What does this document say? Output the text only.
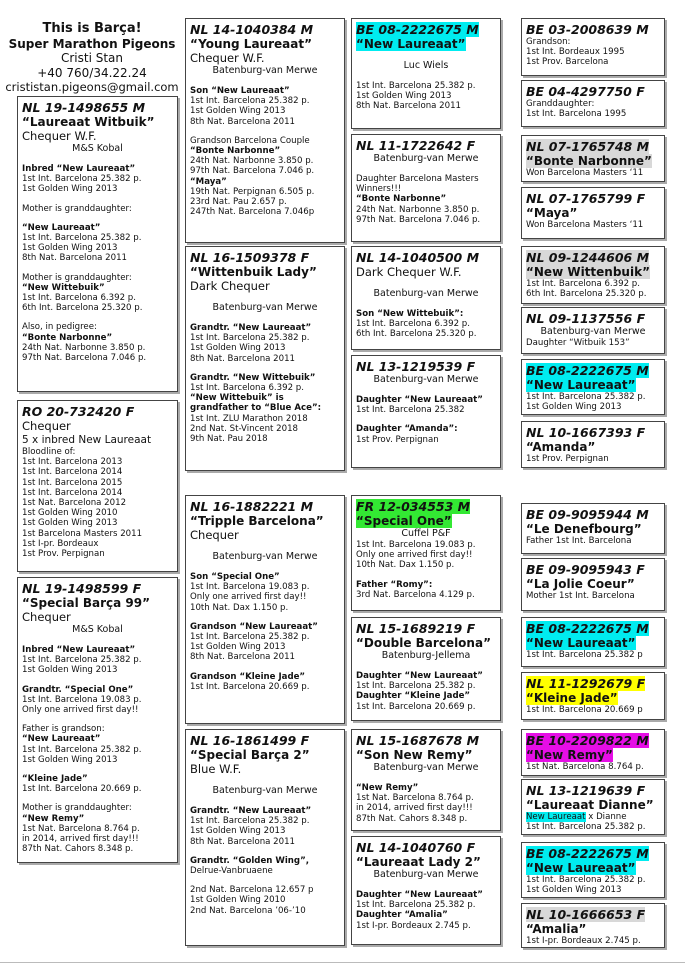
This is Barça!
Super Marathon Pigeons
Cristi Stan
+40 760/34.22.24
crististan.pigeons@gmail.com
NL 19-1498655 M
“Laureaat Witbuik”
Chequer W.F.
M&S Kobal
Inbred “New Laureaat”
1st Int. Barcelona 25.382 p.
1st Golden Wing 2013
Mother is granddaughter:
“New Laureaat”
1st Int. Barcelona 25.382 p.
1st Golden Wing 2013
8th Nat. Barcelona 2011
Mother is granddaughter:
“New Wittebuik”
1st Int. Barcelona 6.392 p.
6th Int. Barcelona 25.320 p.
Also, in pedigree:
“Bonte Narbonne”
24th Nat. Narbonne 3.850 p.
97th Nat. Barcelona 7.046 p.
RO 20-732420 F
Chequer
5 x inbred New Laureaat
Bloodline of:
1st Int. Barcelona 2013
1st Int. Barcelona 2014
1st Int. Barcelona 2015
1st Int. Barcelona 2014
1st Nat. Barcelona 2012
1st Golden Wing 2010
1st Golden Wing 2013
1st Barcelona Masters 2011
1st I-pr. Bordeaux
1st Prov. Perpignan
NL 19-1498599 F
“Special Barça 99”
Chequer
M&S Kobal
Inbred “New Laureaat”
1st Int. Barcelona 25.382 p.
1st Golden Wing 2013
Grandtr. “Special One”
1st Int. Barcelona 19.083 p.
Only one arrived first day!!
Father is grandson:
“New Laureaat”
1st Int. Barcelona 25.382 p.
1st Golden Wing 2013
“Kleine Jade”
1st Int. Barcelona 20.669 p.
Mother is granddaughter:
“New Remy”
1st Nat. Barcelona 8.764 p.
in 2014, arrived first day!!!
87th Nat. Cahors 8.348 p.
NL 14-1040384 M
“Young Laureaat”
Chequer W.F.
Batenburg-van Merwe
Son “New Laureaat”
1st Int. Barcelona 25.382 p.
1st Golden Wing 2013
8th Nat. Barcelona 2011
Grandson Barcelona Couple
“Bonte Narbonne”
24th Nat. Narbonne 3.850 p.
97th Nat. Barcelona 7.046 p.
“Maya”
19th Nat. Perpignan 6.505 p.
23rd Nat. Pau 2.657 p.
247th Nat. Barcelona 7.046p
NL 16-1509378 F
“Wittenbuik Lady”
Dark Chequer
Batenburg-van Merwe
Grandtr. “New Laureaat”
1st Int. Barcelona 25.382 p.
1st Golden Wing 2013
8th Nat. Barcelona 2011
Grandtr. “New Wittebuik”
1st Int. Barcelona 6.392 p.
“New Wittebuik” is
grandfather to “Blue Ace”:
1st Int. ZLU Marathon 2018
2nd Nat. St-Vincent 2018
9th Nat. Pau 2018
NL 16-1882221 M
“Tripple Barcelona”
Chequer
Batenburg-van Merwe
Son “Special One”
1st Int. Barcelona 19.083 p.
Only one arrived first day!!
10th Nat. Dax 1.150 p.
Grandson “New Laureaat”
1st Int. Barcelona 25.382 p.
1st Golden Wing 2013
8th Nat. Barcelona 2011
Grandson “Kleine Jade”
1st Int. Barcelona 20.669 p.
NL 16-1861499 F
“Special Barça 2”
Blue W.F.
Batenburg-van Merwe
Grandtr. “New Laureaat”
1st Int. Barcelona 25.382 p.
1st Golden Wing 2013
8th Nat. Barcelona 2011
Grandtr. “Golden Wing”,
Delrue-Vanbruaene
2nd Nat. Barcelona 12.657 p
1st Golden Wing 2010
2nd Nat. Barcelona ’06-’10
BE 08-2222675 M
“New Laureaat”
Luc Wiels
1st Int. Barcelona 25.382 p.
1st Golden Wing 2013
8th Nat. Barcelona 2011
NL 11-1722642 F
Batenburg-van Merwe
Daughter Barcelona Masters
Winners!!!
“Bonte Narbonne”
24th Nat. Narbonne 3.850 p.
97th Nat. Barcelona 7.046 p.
NL 14-1040500 M
Dark Chequer W.F.
Batenburg-van Merwe
Son “New Wittebuik”:
1st Int. Barcelona 6.392 p.
6th Int. Barcelona 25.320 p.
NL 13-1219539 F
Batenburg-van Merwe
Daughter “New Laureaat”
1st Int. Barcelona 25.382
Daughter “Amanda”:
1st Prov. Perpignan
FR 12-034553 M
“Special One”
Cuffel P&F
1st Int. Barcelona 19.083 p.
Only one arrived first day!!
10th Nat. Dax 1.150 p.
Father “Romy”:
3rd Nat. Barcelona 4.129 p.
NL 15-1689219 F
“Double Barcelona”
Batenburg-Jellema
Daughter “New Laureaat”
1st Int. Barcelona 25.382 p.
Daughter “Kleine Jade”
1st Int. Barcelona 20.669 p.
NL 15-1687678 M
“Son New Remy”
Batenburg-van Merwe
“New Remy”
1st Nat. Barcelona 8.764 p.
in 2014, arrived first day!!!
87th Nat. Cahors 8.348 p.
NL 14-1040760 F
“Laureaat Lady 2”
Batenburg-van Merwe
Daughter “New Laureaat”
1st Int. Barcelona 25.382 p.
Daughter “Amalia”
1st I-pr. Bordeaux 2.745 p.
BE 03-2008639 M
Grandson:
1st Int. Bordeaux 1995
1st Prov. Barcelona
BE 04-4297750 F
Granddaughter:
1st Int. Barcelona 1995
NL 07-1765748 M
“Bonte Narbonne”
Won Barcelona Masters ‘11
NL 07-1765799 F
“Maya”
Won Barcelona Masters ‘11
NL 09-1244606 M
“New Wittenbuik”
1st Int. Barcelona 6.392 p.
6th Int. Barcelona 25.320 p.
NL 09-1137556 F
Batenburg-van Merwe
Daughter “Witbuik 153”
BE 08-2222675 M
“New Laureaat”
1st Int. Barcelona 25.382 p.
1st Golden Wing 2013
NL 10-1667393 F
“Amanda”
1st Prov. Perpignan
BE 09-9095944 M
“Le Denefbourg”
Father 1st Int. Barcelona
BE 09-9095943 F
“La Jolie Coeur”
Mother 1st Int. Barcelona
BE 08-2222675 M
“New Laureaat”
1st Int. Barcelona 25.382 p
NL 11-1292679 F
“Kleine Jade”
1st Int. Barcelona 20.669 p
BE 10-2209822 M
“New Remy”
1st Nat. Barcelona 8.764 p.
NL 13-1219639 F
“Laureaat Dianne”
New Laureaat x Dianne
1st Int. Barcelona 25.382 p.
BE 08-2222675 M
“New Laureaat”
1st Int. Barcelona 25.382 p.
1st Golden Wing 2013
NL 10-1666653 F
“Amalia”
1st I-pr. Bordeaux 2.745 p.
